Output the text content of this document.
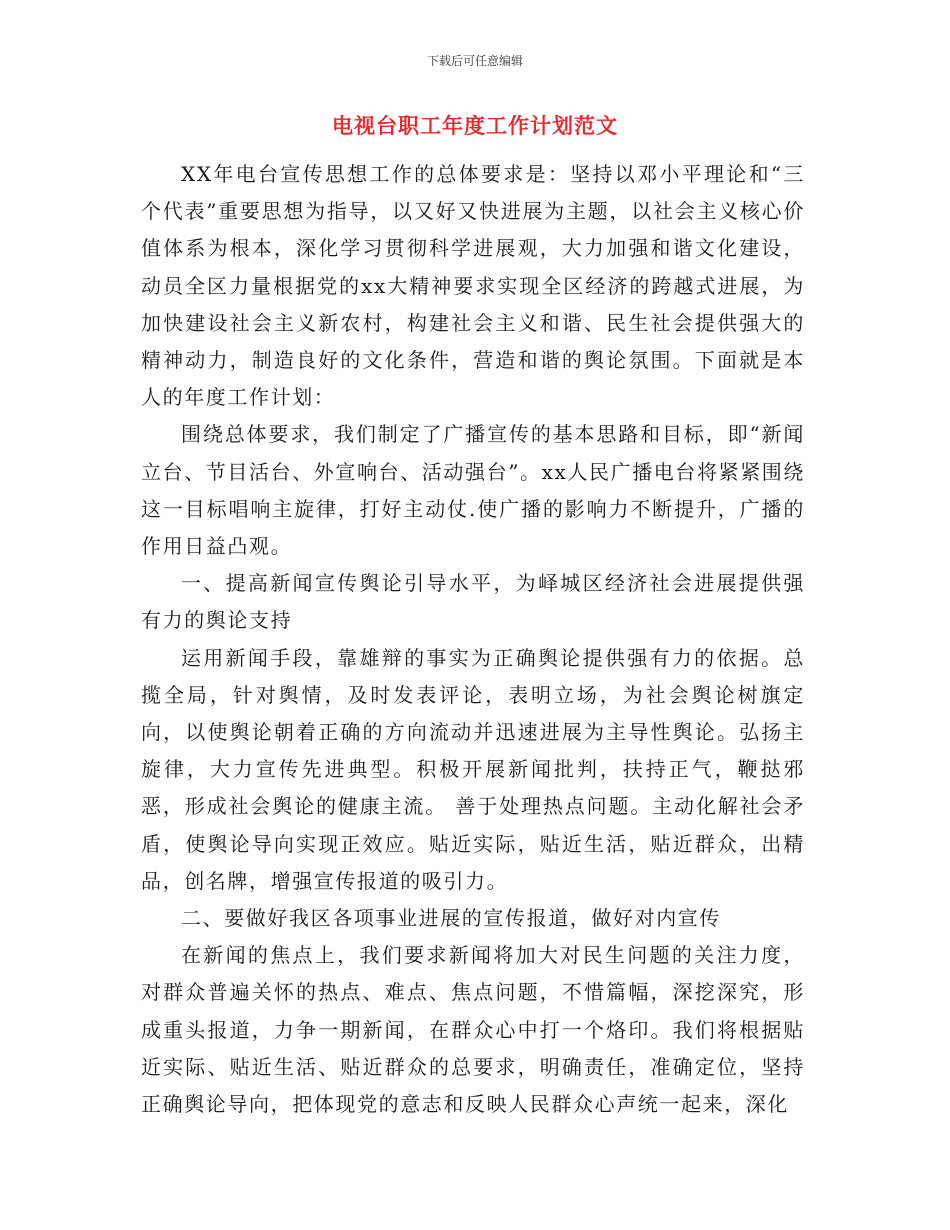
下载后可任意编辑
电视台职工年度工作计划范文

XX年电台宣传思想工作的总体要求是：坚持以邓小平理论和“三个代表”重要思想为指导，以又好又快进展为主题，以社会主义核心价值体系为根本，深化学习贯彻科学进展观，大力加强和谐文化建设，动员全区力量根据党的xx大精神要求实现全区经济的跨越式进展，为加快建设社会主义新农村，构建社会主义和谐、民生社会提供强大的精神动力，制造良好的文化条件，营造和谐的舆论氛围。下面就是本人的年度工作计划：

围绕总体要求，我们制定了广播宣传的基本思路和目标，即“新闻立台、节目活台、外宣响台、活动强台”。xx人民广播电台将紧紧围绕这一目标唱响主旋律，打好主动仗.使广播的影响力不断提升，广播的作用日益凸观。

一、提高新闻宣传舆论引导水平，为峄城区经济社会进展提供强有力的舆论支持

运用新闻手段，靠雄辩的事实为正确舆论提供强有力的依据。总揽全局，针对舆情，及时发表评论，表明立场，为社会舆论树旗定向，以使舆论朝着正确的方向流动并迅速进展为主导性舆论。弘扬主旋律，大力宣传先进典型。积极开展新闻批判，扶持正气，鞭挞邪恶，形成社会舆论的健康主流。 善于处理热点问题。主动化解社会矛盾，使舆论导向实现正效应。贴近实际，贴近生活，贴近群众，出精品，创名牌，增强宣传报道的吸引力。

二、要做好我区各项事业进展的宣传报道，做好对内宣传

在新闻的焦点上，我们要求新闻将加大对民生问题的关注力度，对群众普遍关怀的热点、难点、焦点问题，不惜篇幅，深挖深究，形成重头报道，力争一期新闻，在群众心中打一个烙印。我们将根据贴近实际、贴近生活、贴近群众的总要求，明确责任，准确定位，坚持正确舆论导向，把体现党的意志和反映人民群众心声统一起来，深化
